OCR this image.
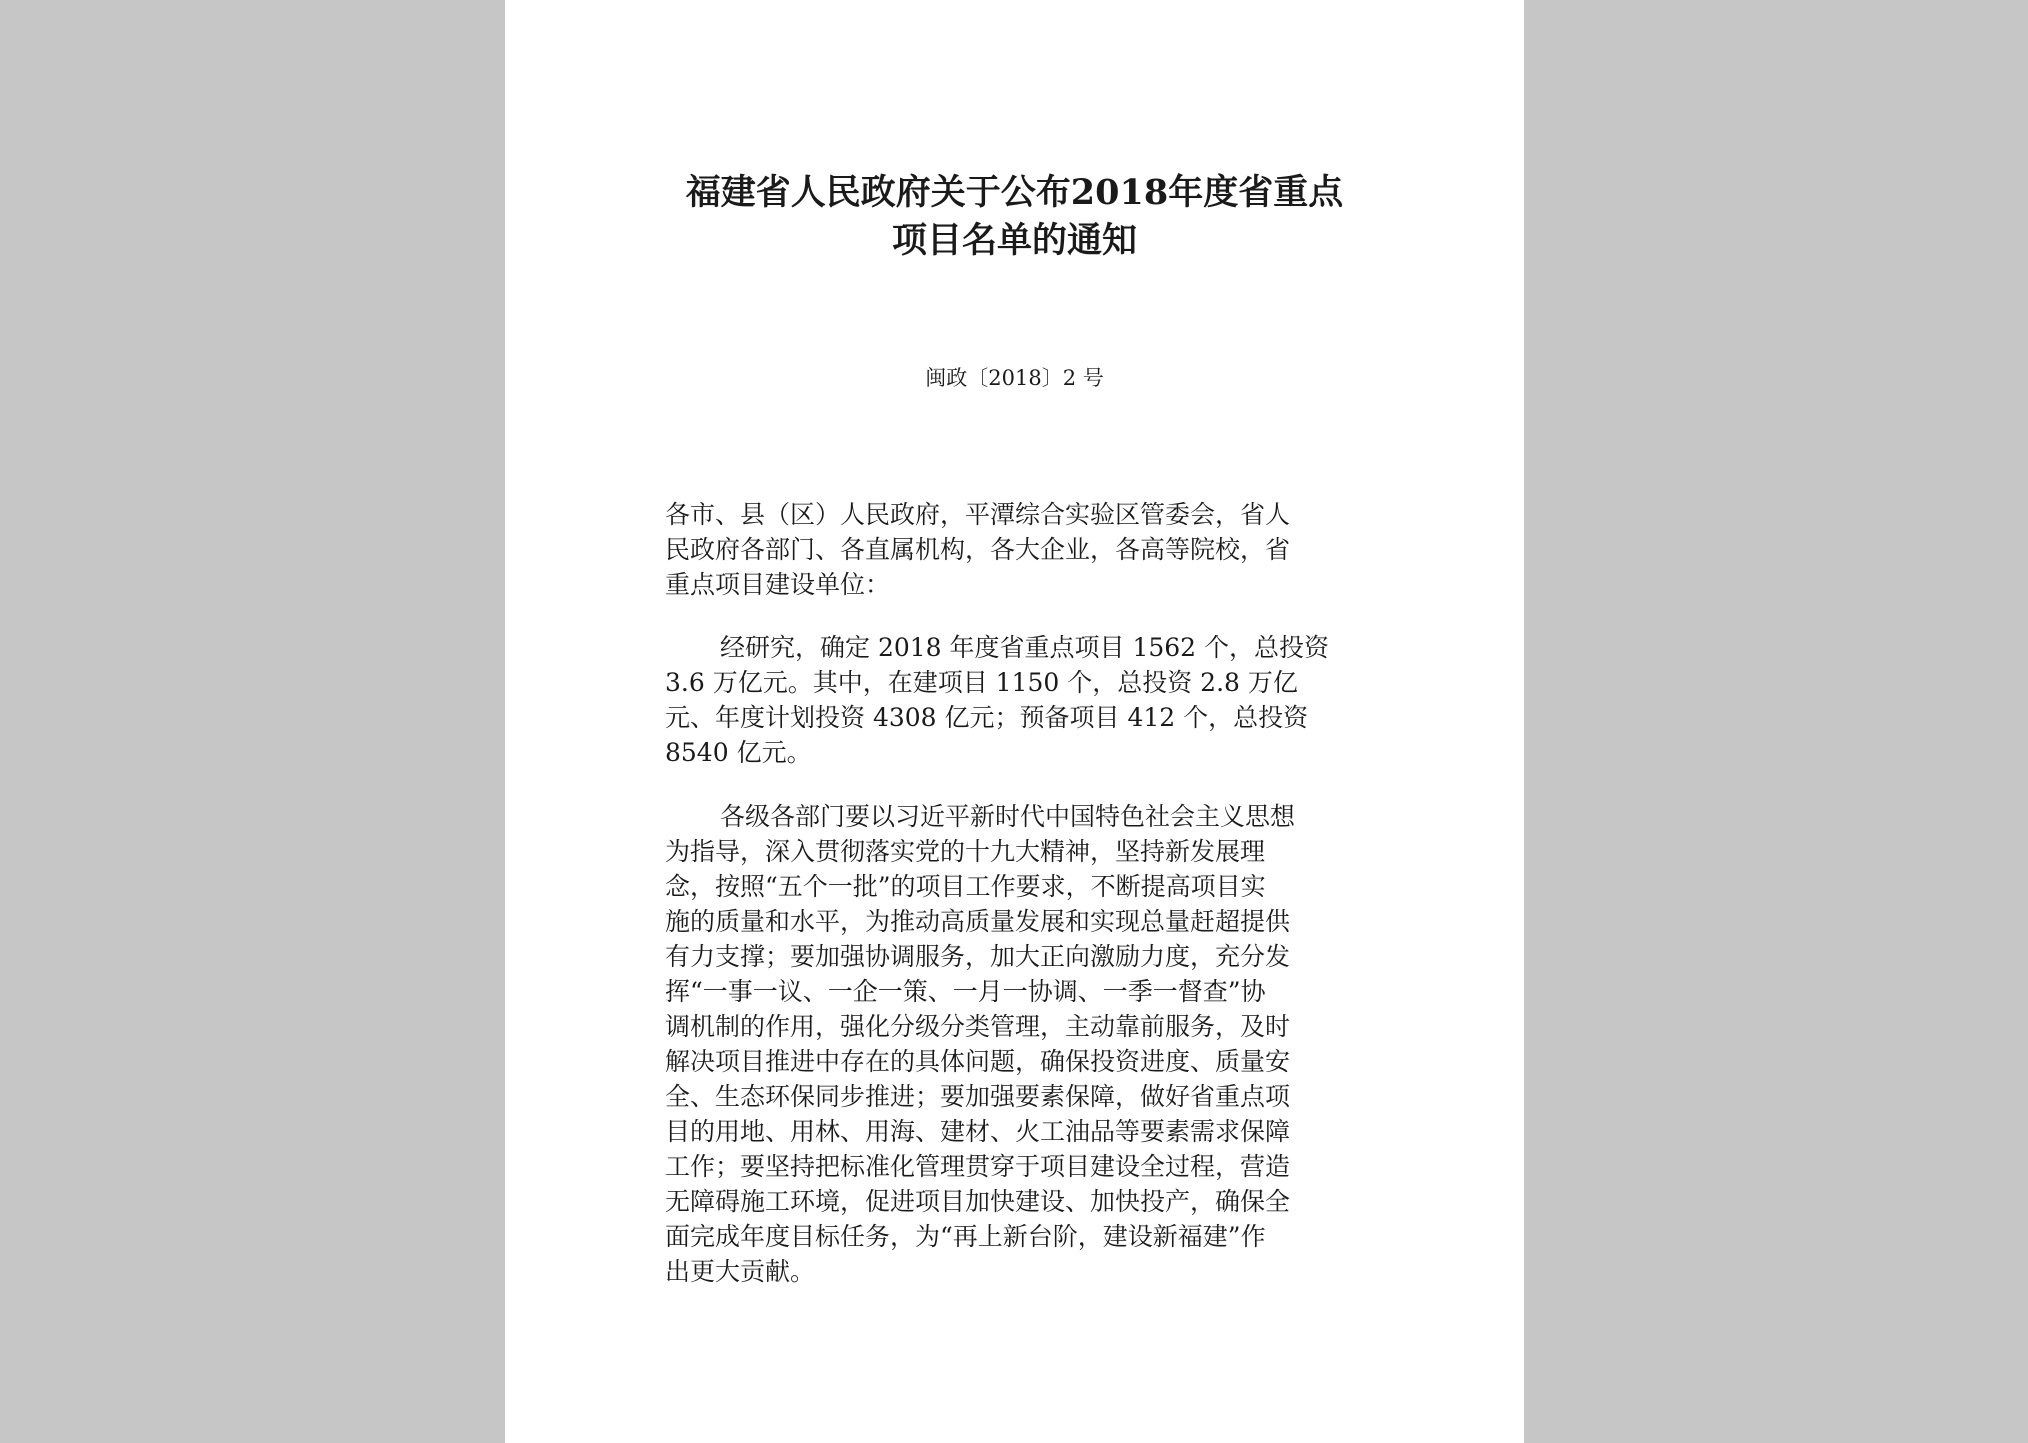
福建省人民政府关于公布2018年度省重点
项目名单的通知
闽政〔2018〕2 号

各市、县（区）人民政府，平潭综合实验区管委会，省人

民政府各部门、各直属机构，各大企业，各高等院校，省

重点项目建设单位：

经研究，确定 2018 年度省重点项目 1562 个，总投资

3.6 万亿元。其中，在建项目 1150 个，总投资 2.8 万亿

元、年度计划投资 4308 亿元；预备项目 412 个，总投资

8540 亿元。

各级各部门要以习近平新时代中国特色社会主义思想

为指导，深入贯彻落实党的十九大精神，坚持新发展理

念，按照“五个一批”的项目工作要求，不断提高项目实

施的质量和水平，为推动高质量发展和实现总量赶超提供

有力支撑；要加强协调服务，加大正向激励力度，充分发

挥“一事一议、一企一策、一月一协调、一季一督查”协

调机制的作用，强化分级分类管理，主动靠前服务，及时

解决项目推进中存在的具体问题，确保投资进度、质量安

全、生态环保同步推进；要加强要素保障，做好省重点项

目的用地、用林、用海、建材、火工油品等要素需求保障

工作；要坚持把标准化管理贯穿于项目建设全过程，营造

无障碍施工环境，促进项目加快建设、加快投产，确保全

面完成年度目标任务，为“再上新台阶，建设新福建”作

出更大贡献。
